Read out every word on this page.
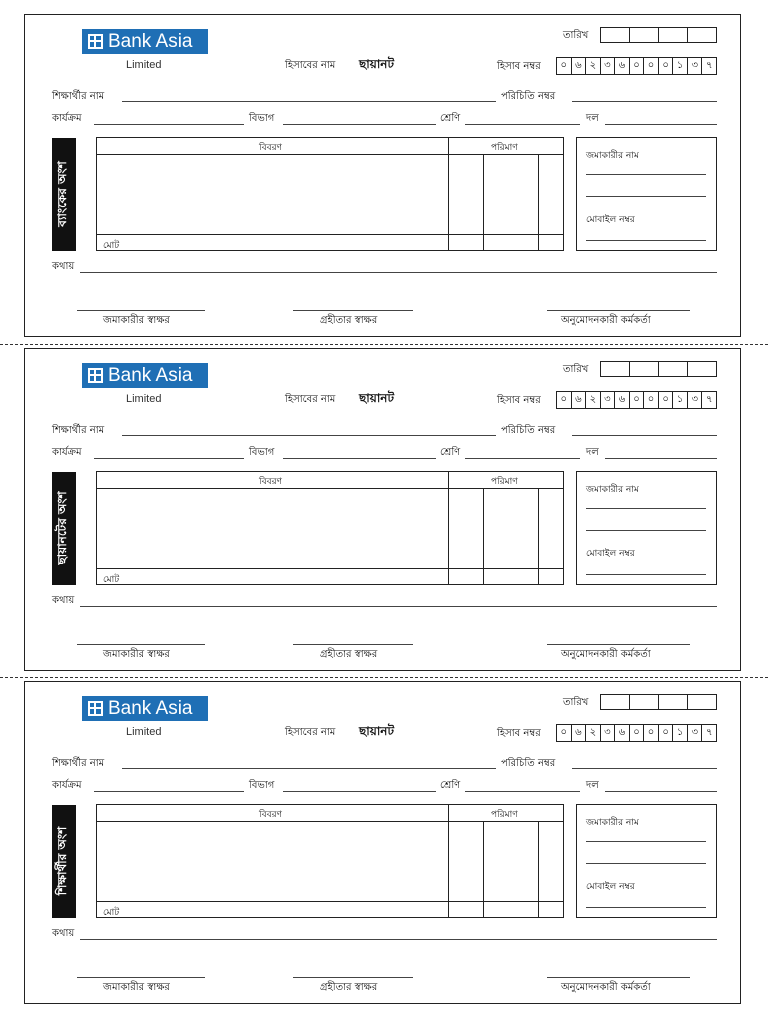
Bank Asia
Limited
তারিখ
হিসাবের নাম ছায়ানট	হিসাব নম্বর	০ ৬ ২ ৩ ৬ ০ ০ ০ ১ ৩ ৭
শিক্ষার্থীর নাম	পরিচিতি নম্বর
কার্যক্রম	বিভাগ	শ্রেণি	দল
ব্যাংকের অংশ
বিবরণ	পরিমাণ
মোট
জমাকারীর নাম
মোবাইল নম্বর
কথায়
জমাকারীর স্বাক্ষর	গ্রহীতার স্বাক্ষর	অনুমোদনকারী কর্মকর্তা
Bank Asia
Limited
তারিখ
হিসাবের নাম ছায়ানট	হিসাব নম্বর	০ ৬ ২ ৩ ৬ ০ ০ ০ ১ ৩ ৭
শিক্ষার্থীর নাম	পরিচিতি নম্বর
কার্যক্রম	বিভাগ	শ্রেণি	দল
ছায়ানটের অংশ
বিবরণ	পরিমাণ
মোট
জমাকারীর নাম
মোবাইল নম্বর
কথায়
জমাকারীর স্বাক্ষর	গ্রহীতার স্বাক্ষর	অনুমোদনকারী কর্মকর্তা
Bank Asia
Limited
তারিখ
হিসাবের নাম ছায়ানট	হিসাব নম্বর	০ ৬ ২ ৩ ৬ ০ ০ ০ ১ ৩ ৭
শিক্ষার্থীর নাম	পরিচিতি নম্বর
কার্যক্রম	বিভাগ	শ্রেণি	দল
শিক্ষার্থীর অংশ
বিবরণ	পরিমাণ
মোট
জমাকারীর নাম
মোবাইল নম্বর
কথায়
জমাকারীর স্বাক্ষর	গ্রহীতার স্বাক্ষর	অনুমোদনকারী কর্মকর্তা
